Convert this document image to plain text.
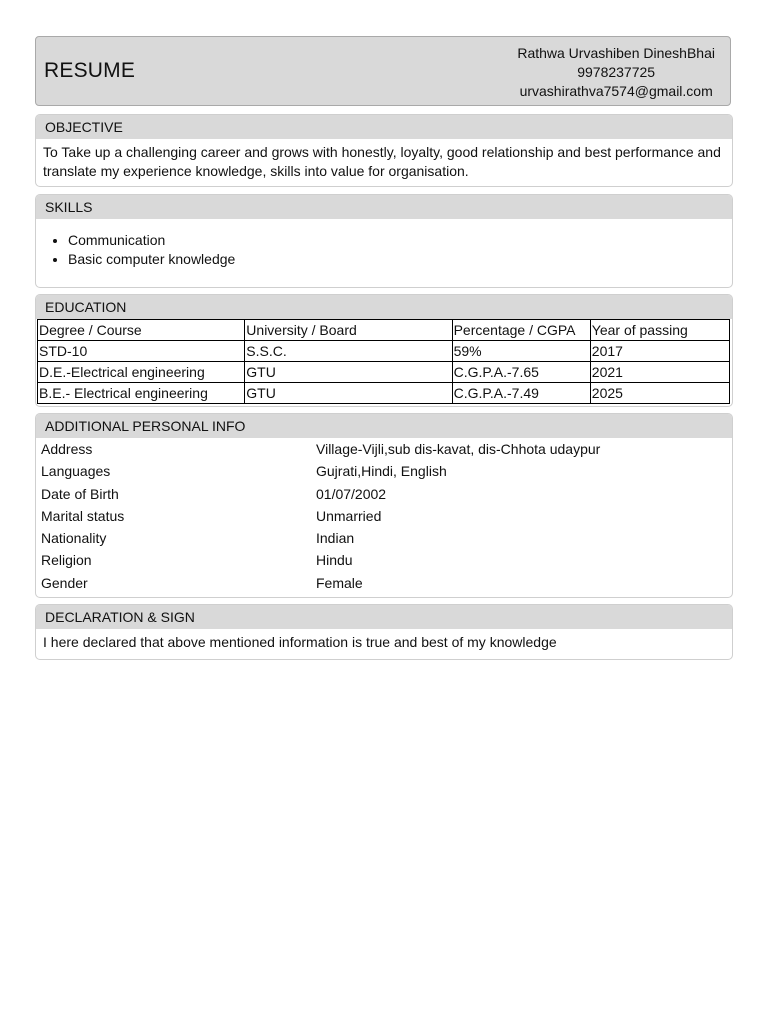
RESUME
Rathwa Urvashiben DineshBhai
9978237725
urvashirathva7574@gmail.com
OBJECTIVE
To Take up a challenging career and grows with honestly, loyalty, good relationship and best performance and translate my experience knowledge, skills into value for organisation.
SKILLS
• Communication
• Basic computer knowledge
EDUCATION
Degree / Course	University / Board	Percentage / CGPA	Year of passing
STD-10	S.S.C.	59%	2017
D.E.-Electrical engineering	GTU	C.G.P.A.-7.65	2021
B.E.- Electrical engineering	GTU	C.G.P.A.-7.49	2025
ADDITIONAL PERSONAL INFO
Address	Village-Vijli,sub dis-kavat, dis-Chhota udaypur
Languages	Gujrati,Hindi, English
Date of Birth	01/07/2002
Marital status	Unmarried
Nationality	Indian
Religion	Hindu
Gender	Female
DECLARATION & SIGN
I here declared that above mentioned information is true and best of my knowledge
